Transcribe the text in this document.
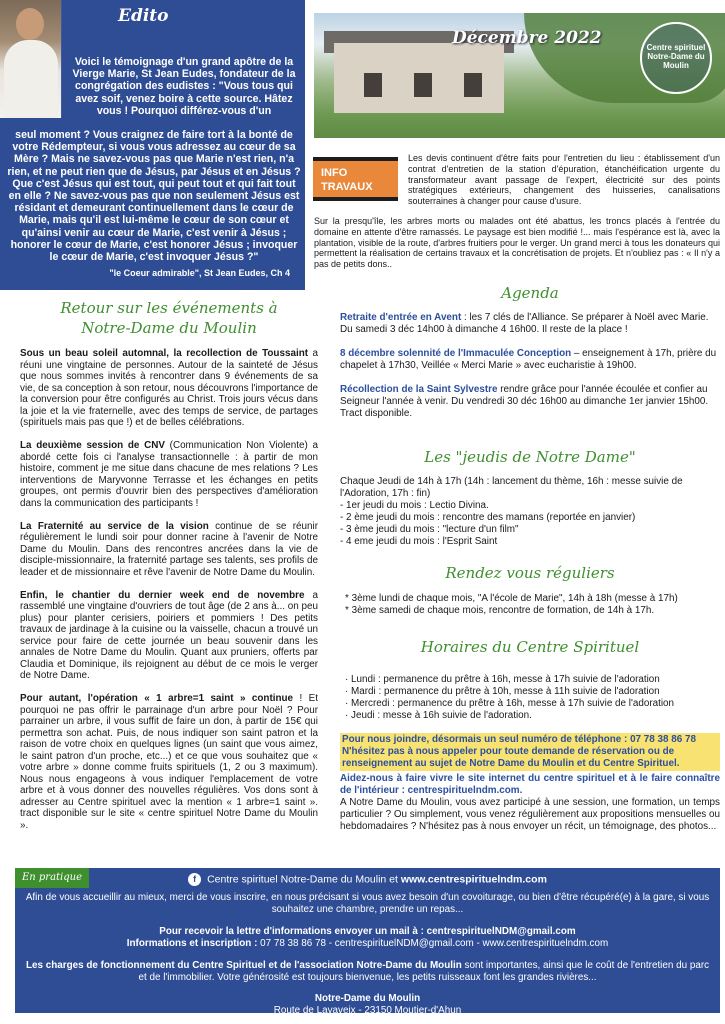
Edito
Voici le témoignage d'un grand apôtre de la Vierge Marie, St Jean Eudes, fondateur de la congrégation des eudistes : "Vous tous qui avez soif, venez boire à cette source. Hâtez vous ! Pourquoi différez-vous d'un
seul moment ? Vous craignez de faire tort à la bonté de votre Rédempteur, si vous vous adressez au cœur de sa Mère ? Mais ne savez-vous pas que Marie n'est rien, n'a rien, et ne peut rien que de Jésus, par Jésus et en Jésus ? Que c'est Jésus qui est tout, qui peut tout et qui fait tout en elle ? Ne savez-vous pas que non seulement Jésus est résidant et demeurant continuellement dans le cœur de Marie, mais qu'il est lui-même le cœur de son cœur et qu'ainsi venir au cœur de Marie, c'est venir à Jésus ; honorer le cœur de Marie, c'est honorer Jésus ; invoquer le cœur de Marie, c'est invoquer Jésus ?"
"le Coeur admirable", St Jean Eudes, Ch 4
Décembre 2022	Centre spirituel Notre-Dame du Moulin
INFO
TRAVAUX
Les devis continuent d'être faits pour l'entretien du lieu : établissement d'un contrat d'entretien de la station d'épuration, étanchéification urgente du transformateur avant passage de l'expert, électricité sur des points stratégiques extérieurs, changement des huisseries, canalisations souterraines à changer pour cause d'usure.
Sur la presqu'île, les arbres morts ou malades ont été abattus, les troncs placés à l'entrée du domaine en attente d'être ramassés. Le paysage est bien modifié !... mais l'espérance est là, avec la plantation, visible de la route, d'arbres fruitiers pour le verger. Un grand merci à tous les donateurs qui permettent la réalisation de certains travaux et la concrétisation de projets. Et n'oubliez pas : « Il n'y a pas de petits dons..
Retour sur les événements à
Notre-Dame du Moulin

Sous un beau soleil automnal, la recollection de Toussaint a réuni une vingtaine de personnes. Autour de la sainteté de Jésus que nous sommes invités à rencontrer dans 9 événements de sa vie, de sa conception à son retour, nous découvrons l'importance de la conversion pour être configurés au Christ. Trois jours vécus dans la joie et la vie fraternelle, avec des temps de service, de partages (spirituels mais pas que !) et de belles célébrations.

La deuxième session de CNV (Communication Non Violente) a abordé cette fois ci l'analyse transactionnelle : à partir de mon histoire, comment je me situe dans chacune de mes relations ? Les interventions de Maryvonne Terrasse et les échanges en petits groupes, ont permis d'ouvrir bien des perspectives d'amélioration dans la communication des participants !

La Fraternité au service de la vision continue de se réunir régulièrement le lundi soir pour donner racine à l'avenir de Notre Dame du Moulin. Dans des rencontres ancrées dans la vie de disciple-missionnaire, la fraternité partage ses talents, ses profils de leader et de missionnaire et rêve l'avenir de Notre Dame du Moulin.

Enfin, le chantier du dernier week end de novembre a rassemblé une vingtaine d'ouvriers de tout âge (de 2 ans à... on peu plus) pour planter cerisiers, poiriers et pommiers ! Des petits travaux de jardinage à la cuisine ou la vaisselle, chacun a trouvé un service pour faire de cette journée un beau souvenir dans les annales de Notre Dame du Moulin. Quant aux pruniers, offerts par Claudia et Dominique, ils rejoignent au début de ce mois le verger de Notre Dame.

Pour autant, l'opération « 1 arbre=1 saint » continue ! Et pourquoi ne pas offrir le parrainage d'un arbre pour Noël ? Pour parrainer un arbre, il vous suffit de faire un don, à partir de 15€ qui permettra son achat. Puis, de nous indiquer son saint patron et la raison de votre choix en quelques lignes (un saint que vous aimez, le saint patron d'un proche, etc...) et ce que vous souhaitez que « votre arbre » donne comme fruits spirituels (1, 2 ou 3 maximum). Nous nous engageons à vous indiquer l'emplacement de votre arbre et à vous donner des nouvelles régulières. Vos dons sont à adresser au Centre spirituel avec la mention « 1 arbre=1 saint ». tract disponible sur le site « centre spirituel Notre Dame du Moulin ».

Agenda

Retraite d'entrée en Avent : les 7 clés de l'Alliance. Se préparer à Noël avec Marie. Du samedi 3 déc 14h00 à dimanche 4 16h00. Il reste de la place !

8 décembre solennité de l'Immaculée Conception – enseignement à 17h, prière du chapelet à 17h30, Veillée « Merci Marie » avec eucharistie à 19h00.

Récollection de la Saint Sylvestre rendre grâce pour l'année écoulée et confier au Seigneur l'année à venir. Du vendredi 30 déc 16h00 au dimanche 1er janvier 15h00. Tract disponible.

Les "jeudis de Notre Dame"
Chaque Jeudi de 14h à 17h (14h : lancement du thème, 16h : messe suivie de l'Adoration, 17h : fin)
- 1er jeudi du mois : Lectio Divina.
- 2 ème jeudi du mois : rencontre des mamans (reportée en janvier)
- 3 ème jeudi du mois : "lecture d'un film"
- 4 eme jeudi du mois : l'Esprit Saint
Rendez vous réguliers
* 3ème lundi de chaque mois, "A l'école de Marie", 14h à 18h (messe à 17h)
* 3ème samedi de chaque mois, rencontre de formation, de 14h à 17h.
Horaires du Centre Spirituel
· Lundi : permanence du prêtre à 16h, messe à 17h suivie de l'adoration
· Mardi : permanence du prêtre à 10h, messe à 11h suivie de l'adoration
· Mercredi : permanence du prêtre à 16h, messe à 17h suivie de l'adoration
· Jeudi : messe à 16h suivie de l'adoration.
Pour nous joindre, désormais un seul numéro de téléphone : 07 78 38 86 78 N'hésitez pas à nous appeler pour toute demande de réservation ou de renseignement au sujet de Notre Dame du Moulin et du Centre Spirituel.
Aidez-nous à faire vivre le site internet du centre spirituel et à le faire connaître de l'intérieur : centrespirituelndm.com.
A Notre Dame du Moulin, vous avez participé à une session, une formation, un temps particulier ? Ou simplement, vous venez régulièrement aux propositions mensuelles ou hebdomadaires ? N'hésitez pas à nous envoyer un récit, un témoignage, des photos...
En pratique	f Centre spirituel Notre-Dame du Moulin et www.centrespirituelndm.com
Afin de vous accueillir au mieux, merci de vous inscrire, en nous précisant si vous avez besoin d'un covoiturage, ou bien d'être récupéré(e) à la gare, si vous souhaitez une chambre, prendre un repas...
Pour recevoir la lettre d'informations envoyer un mail à : centrespirituelNDM@gmail.com
Informations et inscription : 07 78 38 86 78 - centrespirituelNDM@gmail.com - www.centrespirituelndm.com
Les charges de fonctionnement du Centre Spirituel et de l'association Notre-Dame du Moulin sont importantes, ainsi que le coût de l'entretien du parc et de l'immobilier. Votre générosité est toujours bienvenue, les petits ruisseaux font les grandes rivières...
Notre-Dame du Moulin
Route de Lavaveix - 23150 Moutier-d'Ahun
